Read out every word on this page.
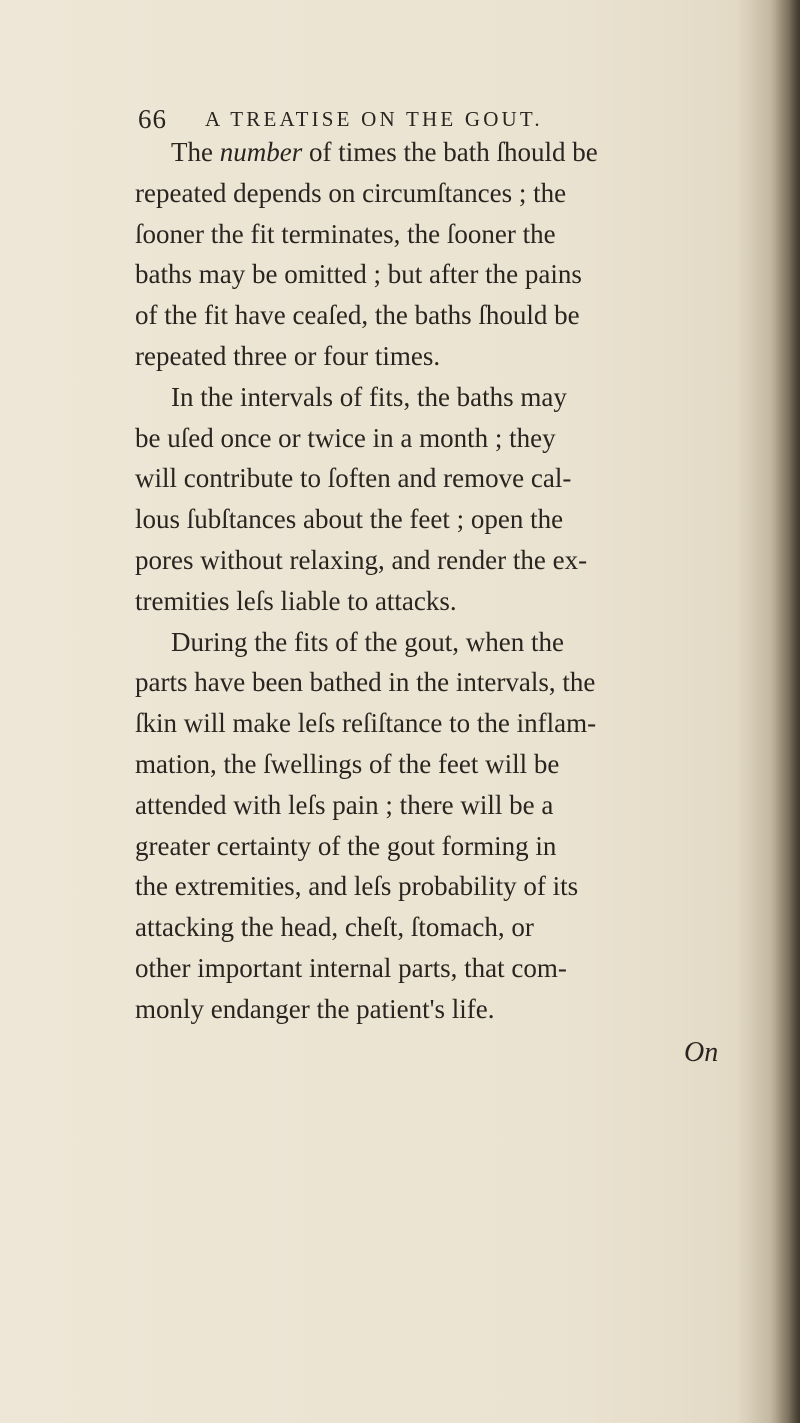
66 A TREATISE ON THE GOUT.
The number of times the bath ſhould be
repeated depends on circumſtances ; the
ſooner the fit terminates, the ſooner the
baths may be omitted ; but after the pains
of the fit have ceaſed, the baths ſhould be
repeated three or four times.
In the intervals of fits, the baths may
be uſed once or twice in a month ; they
will contribute to ſoften and remove cal-
lous ſubſtances about the feet ; open the
pores without relaxing, and render the ex-
tremities leſs liable to attacks.
During the fits of the gout, when the
parts have been bathed in the intervals, the
ſkin will make leſs reſiſtance to the inflam-
mation, the ſwellings of the feet will be
attended with leſs pain ; there will be a
greater certainty of the gout forming in
the extremities, and leſs probability of its
attacking the head, cheſt, ſtomach, or
other important internal parts, that com-
monly endanger the patient's life.
On
